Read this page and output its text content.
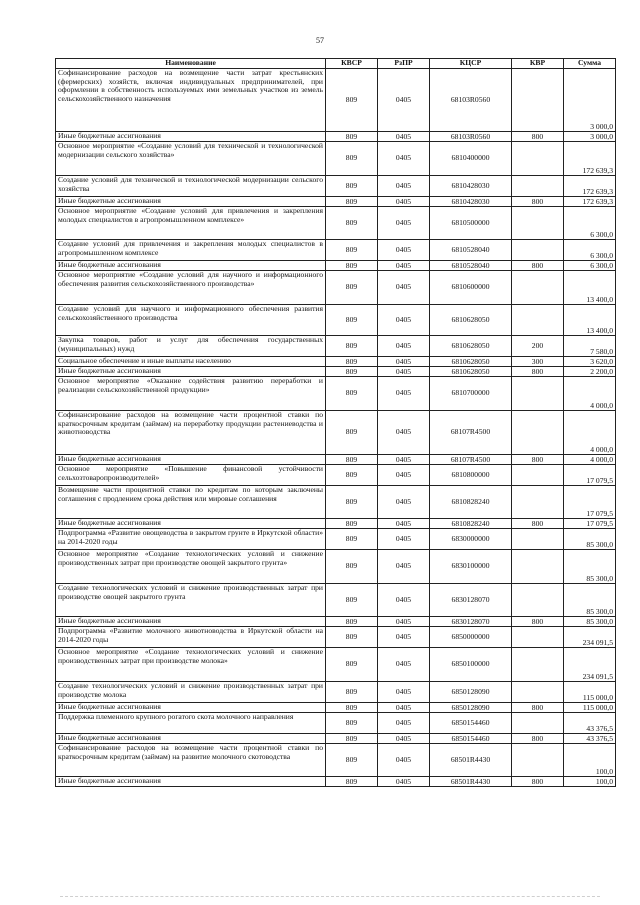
57
Наименование	КВСР	РзПР	КЦСР	КВР	Сумма
Софинансирование расходов на возмещение части затрат крестьянских (фермерских) хозяйств, включая индивидуальных предпринимателей, при оформлении в собственность используемых ими земельных участков из земель сельскохозяйственного назначения	809	0405	68103R0560		3 000,0
Иные бюджетные ассигнования	809	0405	68103R0560	800	3 000,0
Основное мероприятие «Создание условий для технической и технологической модернизации сельского хозяйства»	809	0405	6810400000		172 639,3
Создание условий для технической и технологической модернизации сельского хозяйства	809	0405	6810428030		172 639,3
Иные бюджетные ассигнования	809	0405	6810428030	800	172 639,3
Основное мероприятие «Создание условий для привлечения и закрепления молодых специалистов в агропромышленном комплексе»	809	0405	6810500000		6 300,0
Создание условий для привлечения и закрепления молодых специалистов в агропромышленном комплексе	809	0405	6810528040		6 300,0
Иные бюджетные ассигнования	809	0405	6810528040	800	6 300,0
Основное мероприятие «Создание условий для научного и информационного обеспечения развития сельскохозяйственного производства»	809	0405	6810600000		13 400,0
Создание условий для научного и информационного обеспечения развития сельскохозяйственного производства	809	0405	6810628050		13 400,0
Закупка товаров, работ и услуг для обеспечения государственных (муниципальных) нужд	809	0405	6810628050	200	7 580,0
Социальное обеспечение и иные выплаты населению	809	0405	6810628050	300	3 620,0
Иные бюджетные ассигнования	809	0405	6810628050	800	2 200,0
Основное мероприятие «Оказание содействия развитию переработки и реализации сельскохозяйственной продукции»	809	0405	6810700000		4 000,0
Софинансирование расходов на возмещение части процентной ставки по краткосрочным кредитам (займам) на переработку продукции растениеводства и животноводства	809	0405	68107R4500		4 000,0
Иные бюджетные ассигнования	809	0405	68107R4500	800	4 000,0
Основное мероприятие «Повышение финансовой устойчивости сельхозтоваропроизводителей»	809	0405	6810800000		17 079,5
Возмещение части процентной ставки по кредитам по которым заключены соглашения с продлением срока действия или мировые соглашения	809	0405	6810828240		17 079,5
Иные бюджетные ассигнования	809	0405	6810828240	800	17 079,5
Подпрограмма «Развитие овощеводства в закрытом грунте в Иркутской области» на 2014-2020 годы	809	0405	6830000000		85 300,0
Основное мероприятие «Создание технологических условий и снижение производственных затрат при производстве овощей закрытого грунта»	809	0405	6830100000		85 300,0
Создание технологических условий и снижение производственных затрат при производстве овощей закрытого грунта	809	0405	6830128070		85 300,0
Иные бюджетные ассигнования	809	0405	6830128070	800	85 300,0
Подпрограмма «Развитие молочного животноводства в Иркутской области на 2014-2020 годы	809	0405	6850000000		234 091,5
Основное мероприятие «Создание технологических условий и снижение производственных затрат при производстве молока»	809	0405	6850100000		234 091,5
Создание технологических условий и снижение производственных затрат при производстве молока	809	0405	6850128090		115 000,0
Иные бюджетные ассигнования	809	0405	6850128090	800	115 000,0
Поддержка племенного крупного рогатого скота молочного направления	809	0405	6850154460		43 376,5
Иные бюджетные ассигнования	809	0405	6850154460	800	43 376,5
Софинансирование расходов на возмещение части процентной ставки по краткосрочным кредитам (займам) на развитие молочного скотоводства	809	0405	68501R4430		100,0
Иные бюджетные ассигнования	809	0405	68501R4430	800	100,0
